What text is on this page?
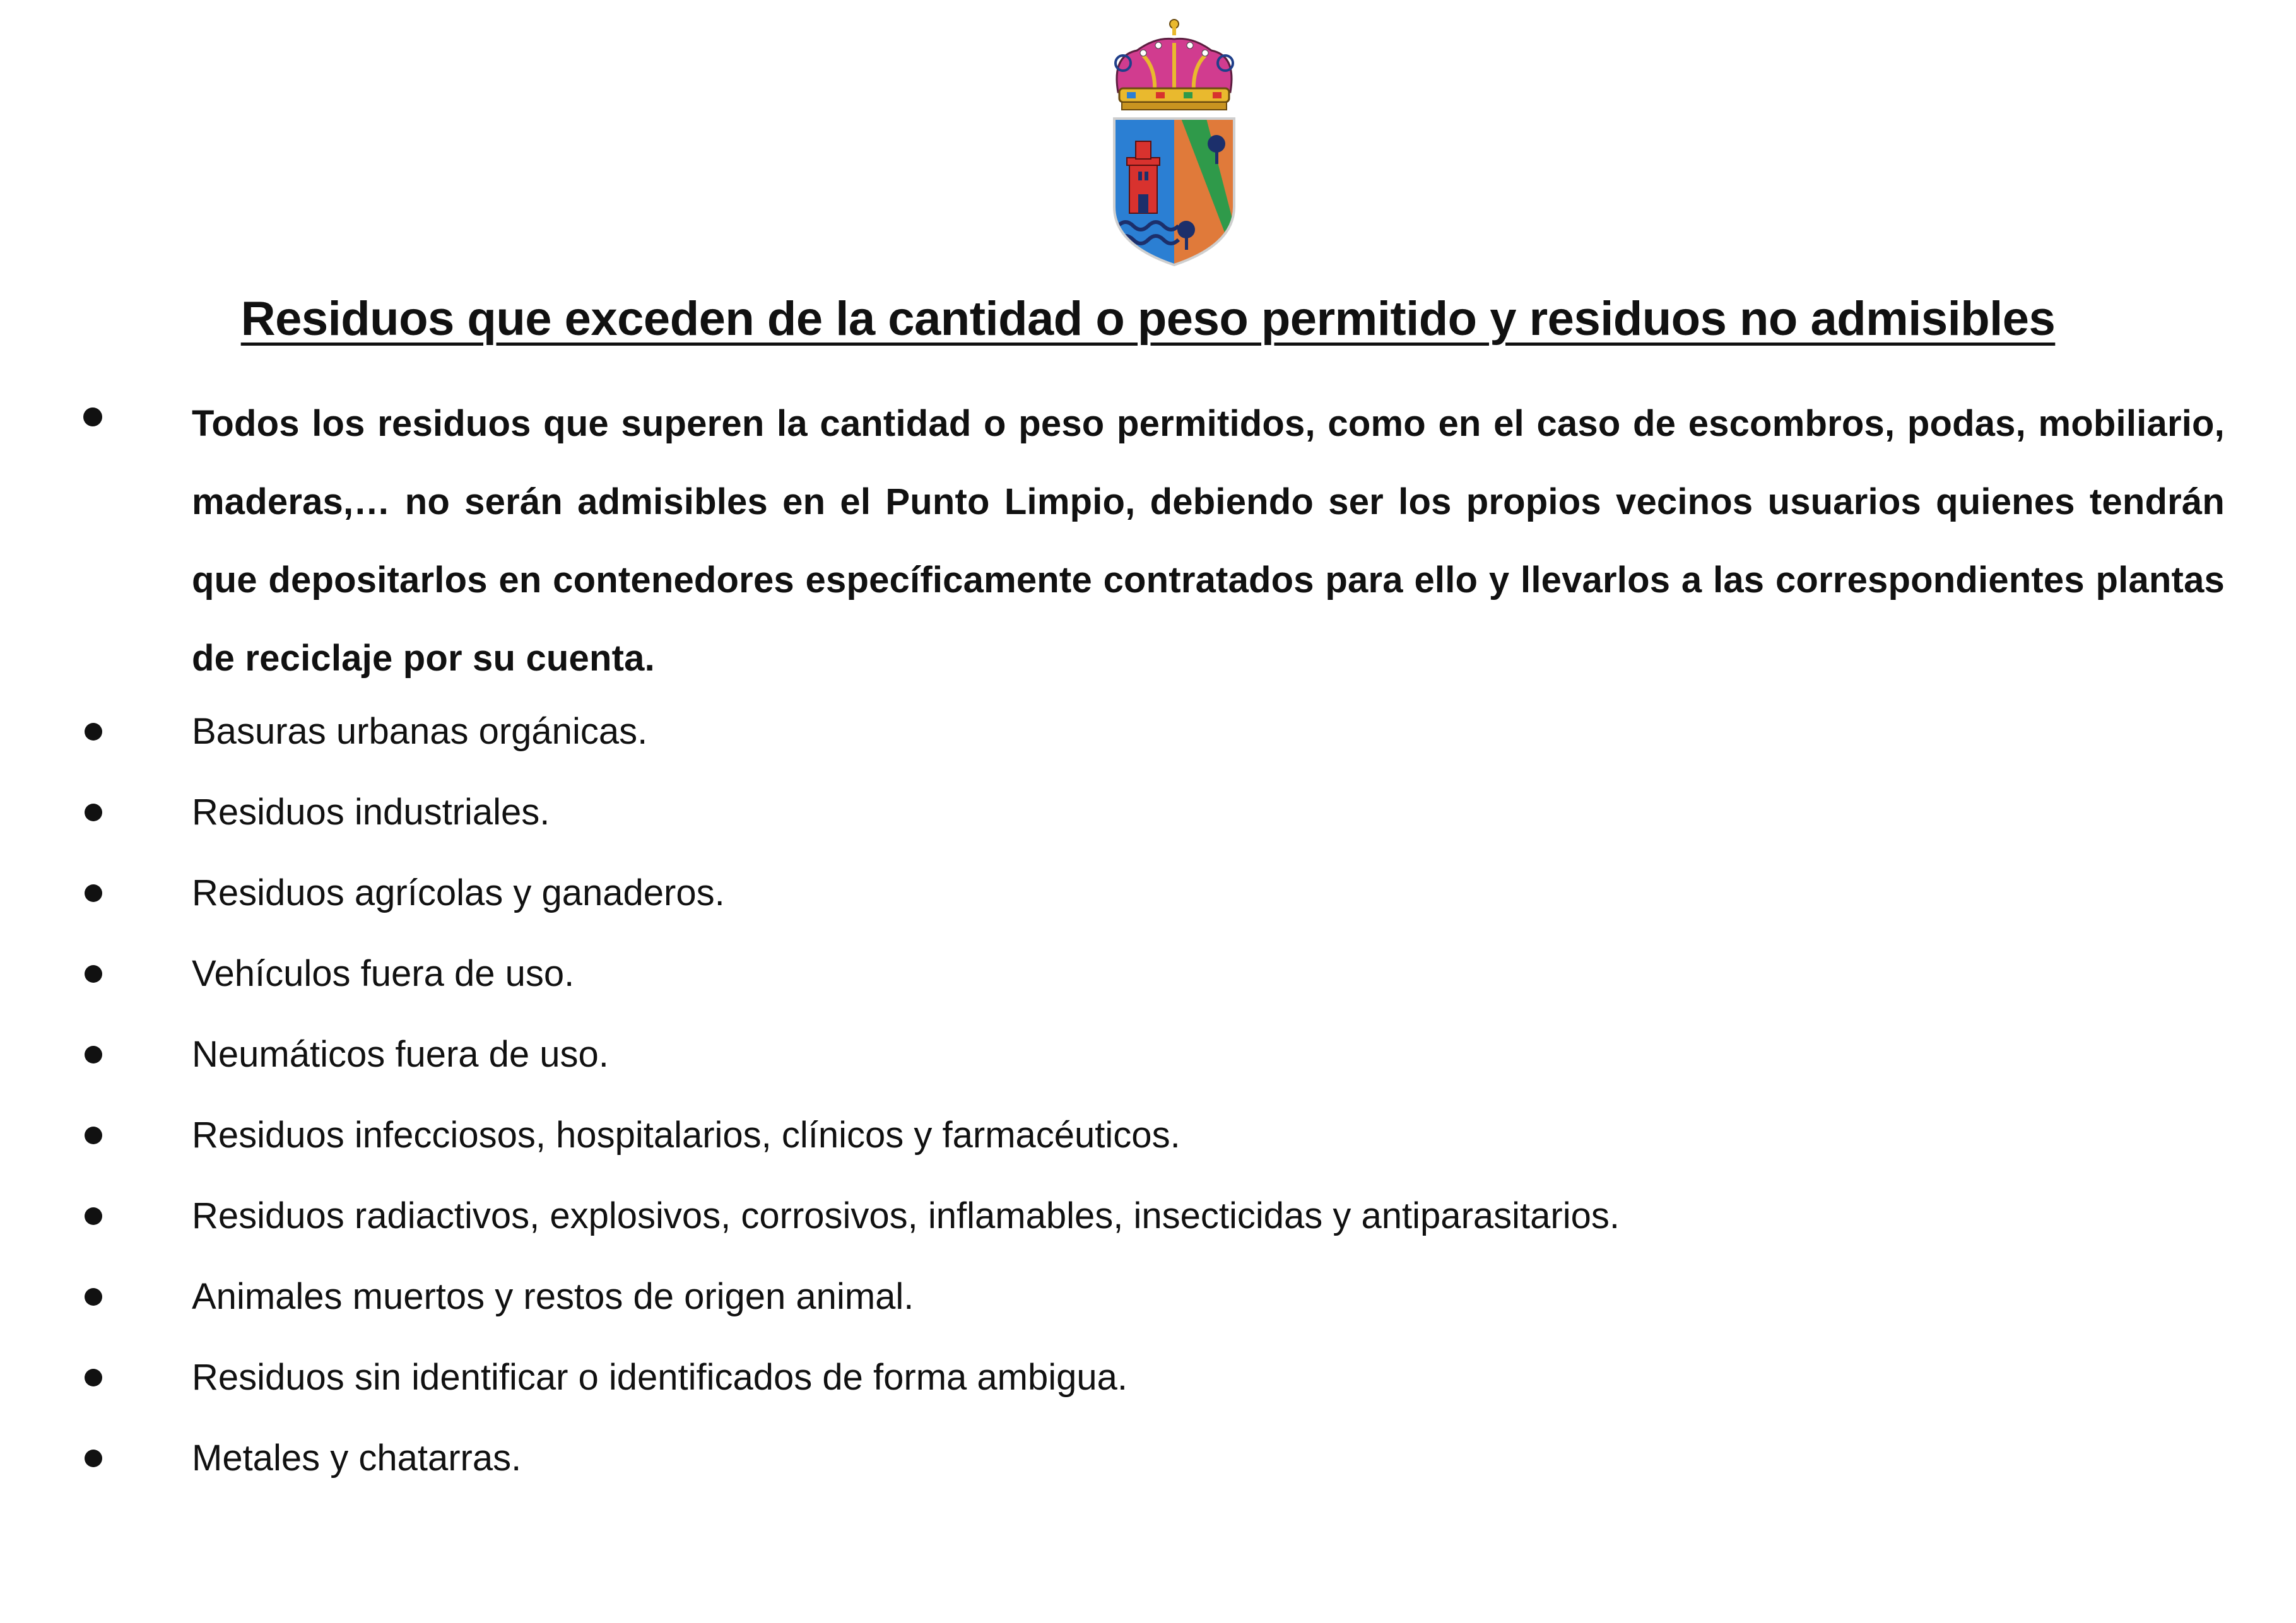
Residuos que exceden de la cantidad o peso permitido y residuos no admisibles
Todos los residuos que superen la cantidad o peso permitidos, como en el caso de escombros, podas, mobiliario, maderas,… no serán admisibles en el Punto Limpio, debiendo ser los propios vecinos usuarios quienes tendrán que depositarlos en contenedores específicamente contratados para ello y llevarlos a las correspondientes plantas de reciclaje por su cuenta.
Basuras urbanas orgánicas.
Residuos industriales.
Residuos agrícolas y ganaderos.
Vehículos fuera de uso.
Neumáticos fuera de uso.
Residuos infecciosos, hospitalarios, clínicos y farmacéuticos.
Residuos radiactivos, explosivos, corrosivos, inflamables, insecticidas y antiparasitarios.
Animales muertos y restos de origen animal.
Residuos sin identificar o identificados de forma ambigua.
Metales y chatarras.
